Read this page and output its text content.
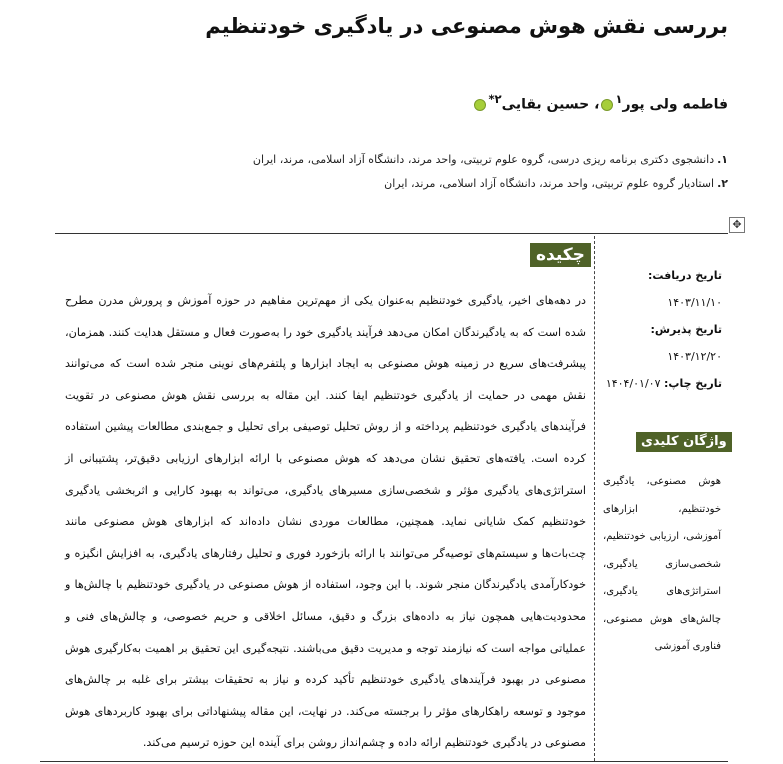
بررسی نقش هوش مصنوعی در یادگیری خودتنظیم
فاطمه ولی پور$^۱$، حسین بقایی$^{۲*}$
۱.دانشجوی دکتری برنامه ریزی درسی، گروه علوم تربیتی، واحد مرند، دانشگاه آزاد اسلامی، مرند، ایران
۲.استادیار گروه علوم تربیتی، واحد مرند، دانشگاه آزاد اسلامی، مرند، ایران
✥
چکیده
در دهه‌های اخیر، یادگیری خودتنظیم به‌عنوان یکی از مهم‌ترین مفاهیم در حوزه آموزش و پرورش مدرن مطرح شده است که به یادگیرندگان امکان می‌دهد فرآیند یادگیری خود را به‌صورت فعال و مستقل هدایت کنند. همزمان، پیشرفت‌های سریع در زمینه هوش مصنوعی به ایجاد ابزارها و پلتفرم‌های نوینی منجر شده است که می‌توانند نقش مهمی در حمایت از یادگیری خودتنظیم ایفا کنند. این مقاله به بررسی نقش هوش مصنوعی در تقویت فرآیندهای یادگیری خودتنظیم پرداخته و از روش تحلیل توصیفی برای تحلیل و جمع‌بندی مطالعات پیشین استفاده کرده است. یافته‌های تحقیق نشان می‌دهد که هوش مصنوعی با ارائه ابزارهای ارزیابی دقیق‌تر، پشتیبانی از استراتژی‌های یادگیری مؤثر و شخصی‌سازی مسیرهای یادگیری، می‌تواند به بهبود کارایی و اثربخشی یادگیری خودتنظیم کمک شایانی نماید. همچنین، مطالعات موردی نشان داده‌اند که ابزارهای هوش مصنوعی مانند چت‌بات‌ها و سیستم‌های توصیه‌گر می‌توانند با ارائه بازخورد فوری و تحلیل رفتارهای یادگیری، به افزایش انگیزه و خودکارآمدی یادگیرندگان منجر شوند. با این وجود، استفاده از هوش مصنوعی در یادگیری خودتنظیم با چالش‌ها و محدودیت‌هایی همچون نیاز به داده‌های بزرگ و دقیق، مسائل اخلاقی و حریم خصوصی، و چالش‌های فنی و عملیاتی مواجه است که نیازمند توجه و مدیریت دقیق می‌باشند. نتیجه‌گیری این تحقیق بر اهمیت به‌کارگیری هوش مصنوعی در بهبود فرآیندهای یادگیری خودتنظیم تأکید کرده و نیاز به تحقیقات بیشتر برای غلبه بر چالش‌های موجود و توسعه راهکارهای مؤثر را برجسته می‌کند. در نهایت، این مقاله پیشنهاداتی برای بهبود کاربردهای هوش مصنوعی در یادگیری خودتنظیم ارائه داده و چشم‌انداز روشن برای آینده این حوزه ترسیم می‌کند.
تاریخ دریافت: ۱۴۰۳/۱۱/۱۰
تاریخ پذیرش: ۱۴۰۳/۱۲/۲۰
تاریخ چاپ: ۱۴۰۴/۰۱/۰۷
واژگان کلیدی
هوش مصنوعی، یادگیری خودتنظیم، ابزارهای آموزشی، ارزیابی خودتنظیم، شخصی‌سازی یادگیری، استراتژی‌های یادگیری، چالش‌های هوش مصنوعی، فناوری آموزشی
